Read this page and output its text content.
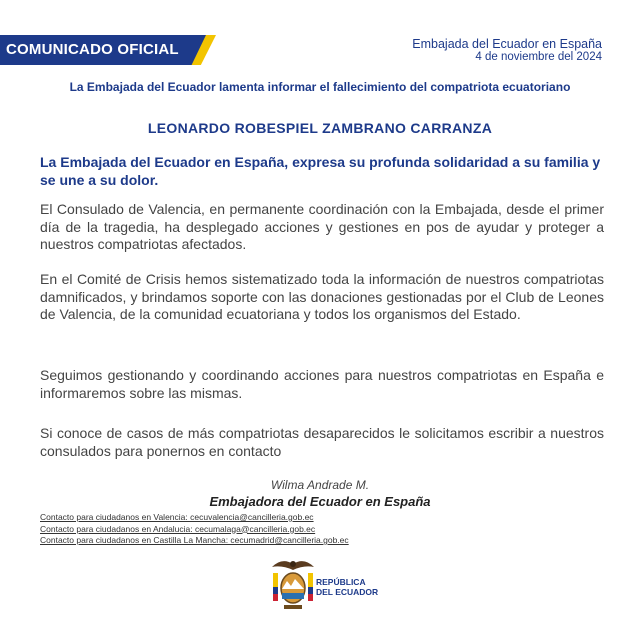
COMUNICADO OFICIAL	Embajada del Ecuador en España
4 de noviembre del 2024
La Embajada del Ecuador lamenta informar el fallecimiento del compatriota ecuatoriano
LEONARDO ROBESPIEL ZAMBRANO CARRANZA
La Embajada del Ecuador en España, expresa su profunda solidaridad a su familia y se une a su dolor.
El Consulado de Valencia, en permanente coordinación con la Embajada, desde el primer día de la tragedia, ha desplegado acciones y gestiones en pos de ayudar y proteger a nuestros compatriotas afectados.
En el Comité de Crisis hemos sistematizado toda la información de nuestros compatriotas damnificados, y brindamos soporte con las donaciones gestionadas por el Club de Leones de Valencia, de la comunidad ecuatoriana y todos los organismos del Estado.
Seguimos gestionando y coordinando acciones para nuestros compatriotas en España e informaremos sobre las mismas.
Si conoce de casos de más compatriotas desaparecidos le solicitamos escribir a nuestros consulados para ponernos en contacto
Wilma Andrade M.
Embajadora del Ecuador en España
Contacto para ciudadanos en Valencia: cecuvalencia@cancilleria.gob.ec
Contacto para ciudadanos en Andalucia: cecumalaga@cancilleria.gob.ec
Contacto para ciudadanos en Castilla La Mancha: cecumadrid@cancilleria.gob.ec
REPÚBLICA
DEL ECUADOR
